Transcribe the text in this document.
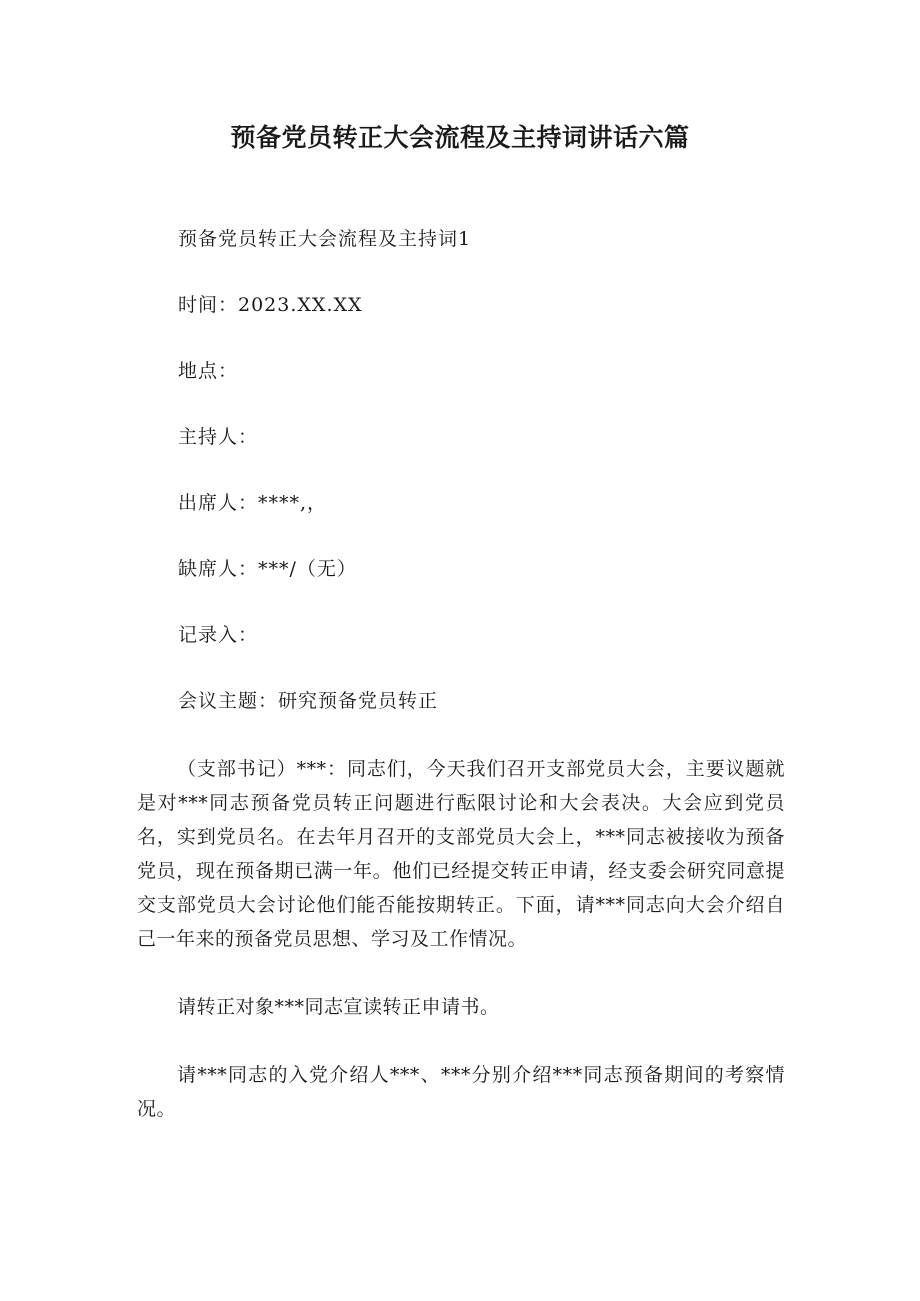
预备党员转正大会流程及主持词讲话六篇

预备党员转正大会流程及主持词1

时间：2023.XX.XX

地点：

主持人：

出席人：****,，

缺席人：***/（无）

记录入：

会议主题：研究预备党员转正

（支部书记）***：同志们，今天我们召开支部党员大会，主要议题就是对***同志预备党员转正问题进行酝限讨论和大会表决。大会应到党员名，实到党员名。在去年月召开的支部党员大会上，***同志被接收为预备党员，现在预备期已满一年。他们已经提交转正申请，经支委会研究同意提交支部党员大会讨论他们能否能按期转正。下面，请***同志向大会介绍自己一年来的预备党员思想、学习及工作情况。

请转正对象***同志宣读转正申请书。

请***同志的入党介绍人***、***分别介绍***同志预备期间的考察情况。
